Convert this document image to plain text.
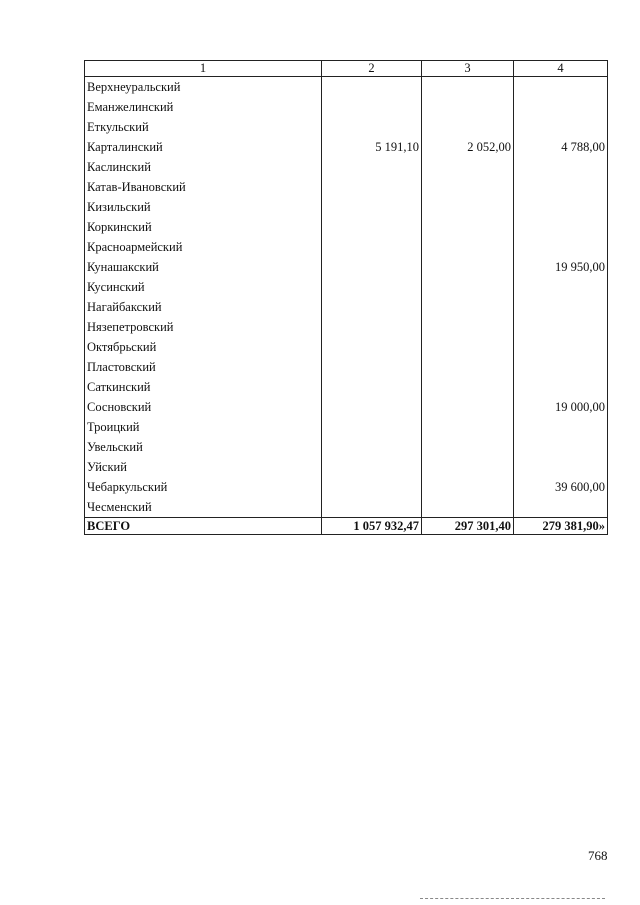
1	2	3	4
Верхнеуральский			
Еманжелинский			
Еткульский			
Карталинский	5 191,10	2 052,00	4 788,00
Каслинский			
Катав-Ивановский			
Кизильский			
Коркинский			
Красноармейский			
Кунашакский			19 950,00
Кусинский			
Нагайбакский			
Нязепетровский			
Октябрьский			
Пластовский			
Саткинский			
Сосновский			19 000,00
Троицкий			
Увельский			
Уйский			
Чебаркульский			39 600,00
Чесменский			
ВСЕГО	1 057 932,47	297 301,40	279 381,90»
768
